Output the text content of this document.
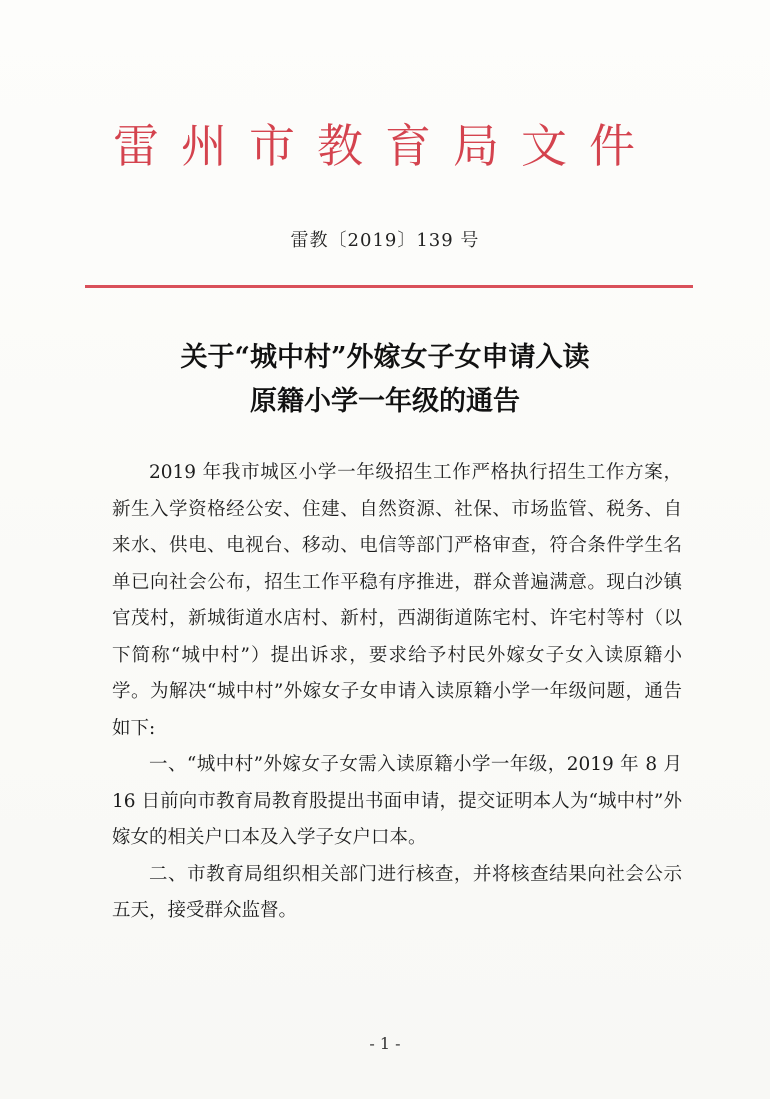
雷州市教育局文件
雷教〔2019〕139 号
关于“城中村”外嫁女子女申请入读
原籍小学一年级的通告

2019 年我市城区小学一年级招生工作严格执行招生工作方案，新生入学资格经公安、住建、自然资源、社保、市场监管、税务、自来水、供电、电视台、移动、电信等部门严格审查，符合条件学生名单已向社会公布，招生工作平稳有序推进，群众普遍满意。现白沙镇官茂村，新城街道水店村、新村，西湖街道陈宅村、许宅村等村（以下简称“城中村”）提出诉求，要求给予村民外嫁女子女入读原籍小学。为解决“城中村”外嫁女子女申请入读原籍小学一年级问题，通告如下:

一、“城中村”外嫁女子女需入读原籍小学一年级，2019 年 8 月 16 日前向市教育局教育股提出书面申请，提交证明本人为“城中村”外嫁女的相关户口本及入学子女户口本。

二、市教育局组织相关部门进行核查，并将核查结果向社会公示五天，接受群众监督。

- 1 -
